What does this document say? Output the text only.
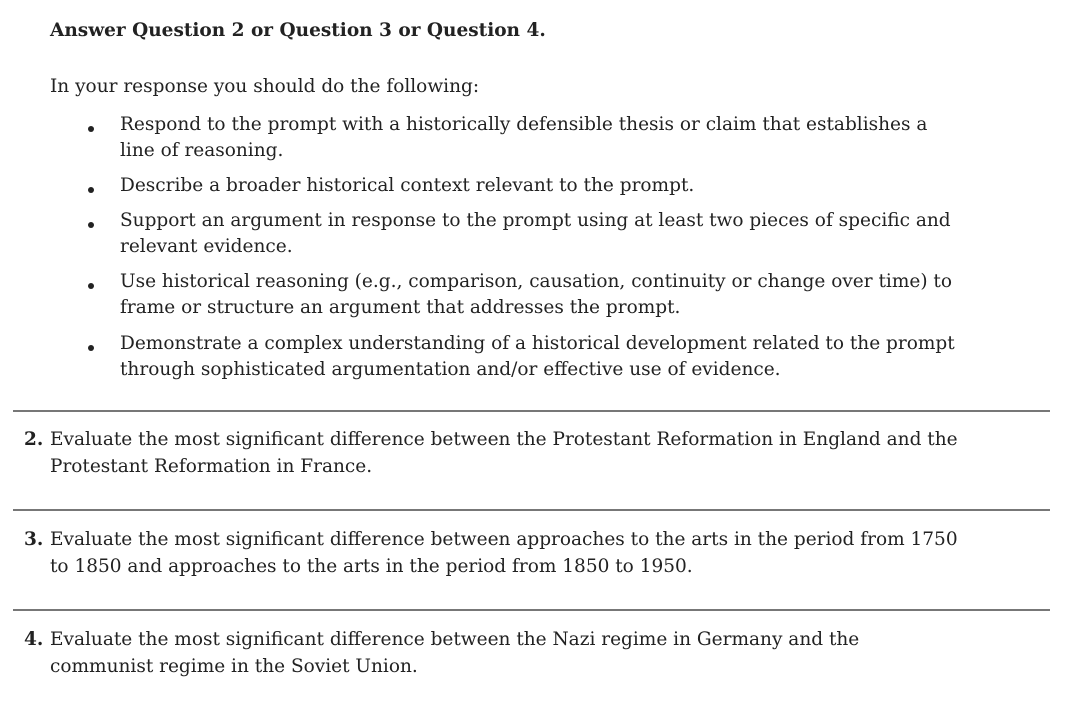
Answer Question 2 or Question 3 or Question 4.
In your response you should do the following:
Respond to the prompt with a historically defensible thesis or claim that establishes a
line of reasoning.
Describe a broader historical context relevant to the prompt.
Support an argument in response to the prompt using at least two pieces of specific and
relevant evidence.
Use historical reasoning (e.g., comparison, causation, continuity or change over time) to
frame or structure an argument that addresses the prompt.
Demonstrate a complex understanding of a historical development related to the prompt
through sophisticated argumentation and/or effective use of evidence.
2. Evaluate the most significant difference between the Protestant Reformation in England and the
Protestant Reformation in France.
3. Evaluate the most significant difference between approaches to the arts in the period from 1750
to 1850 and approaches to the arts in the period from 1850 to 1950.
4. Evaluate the most significant difference between the Nazi regime in Germany and the
communist regime in the Soviet Union.
